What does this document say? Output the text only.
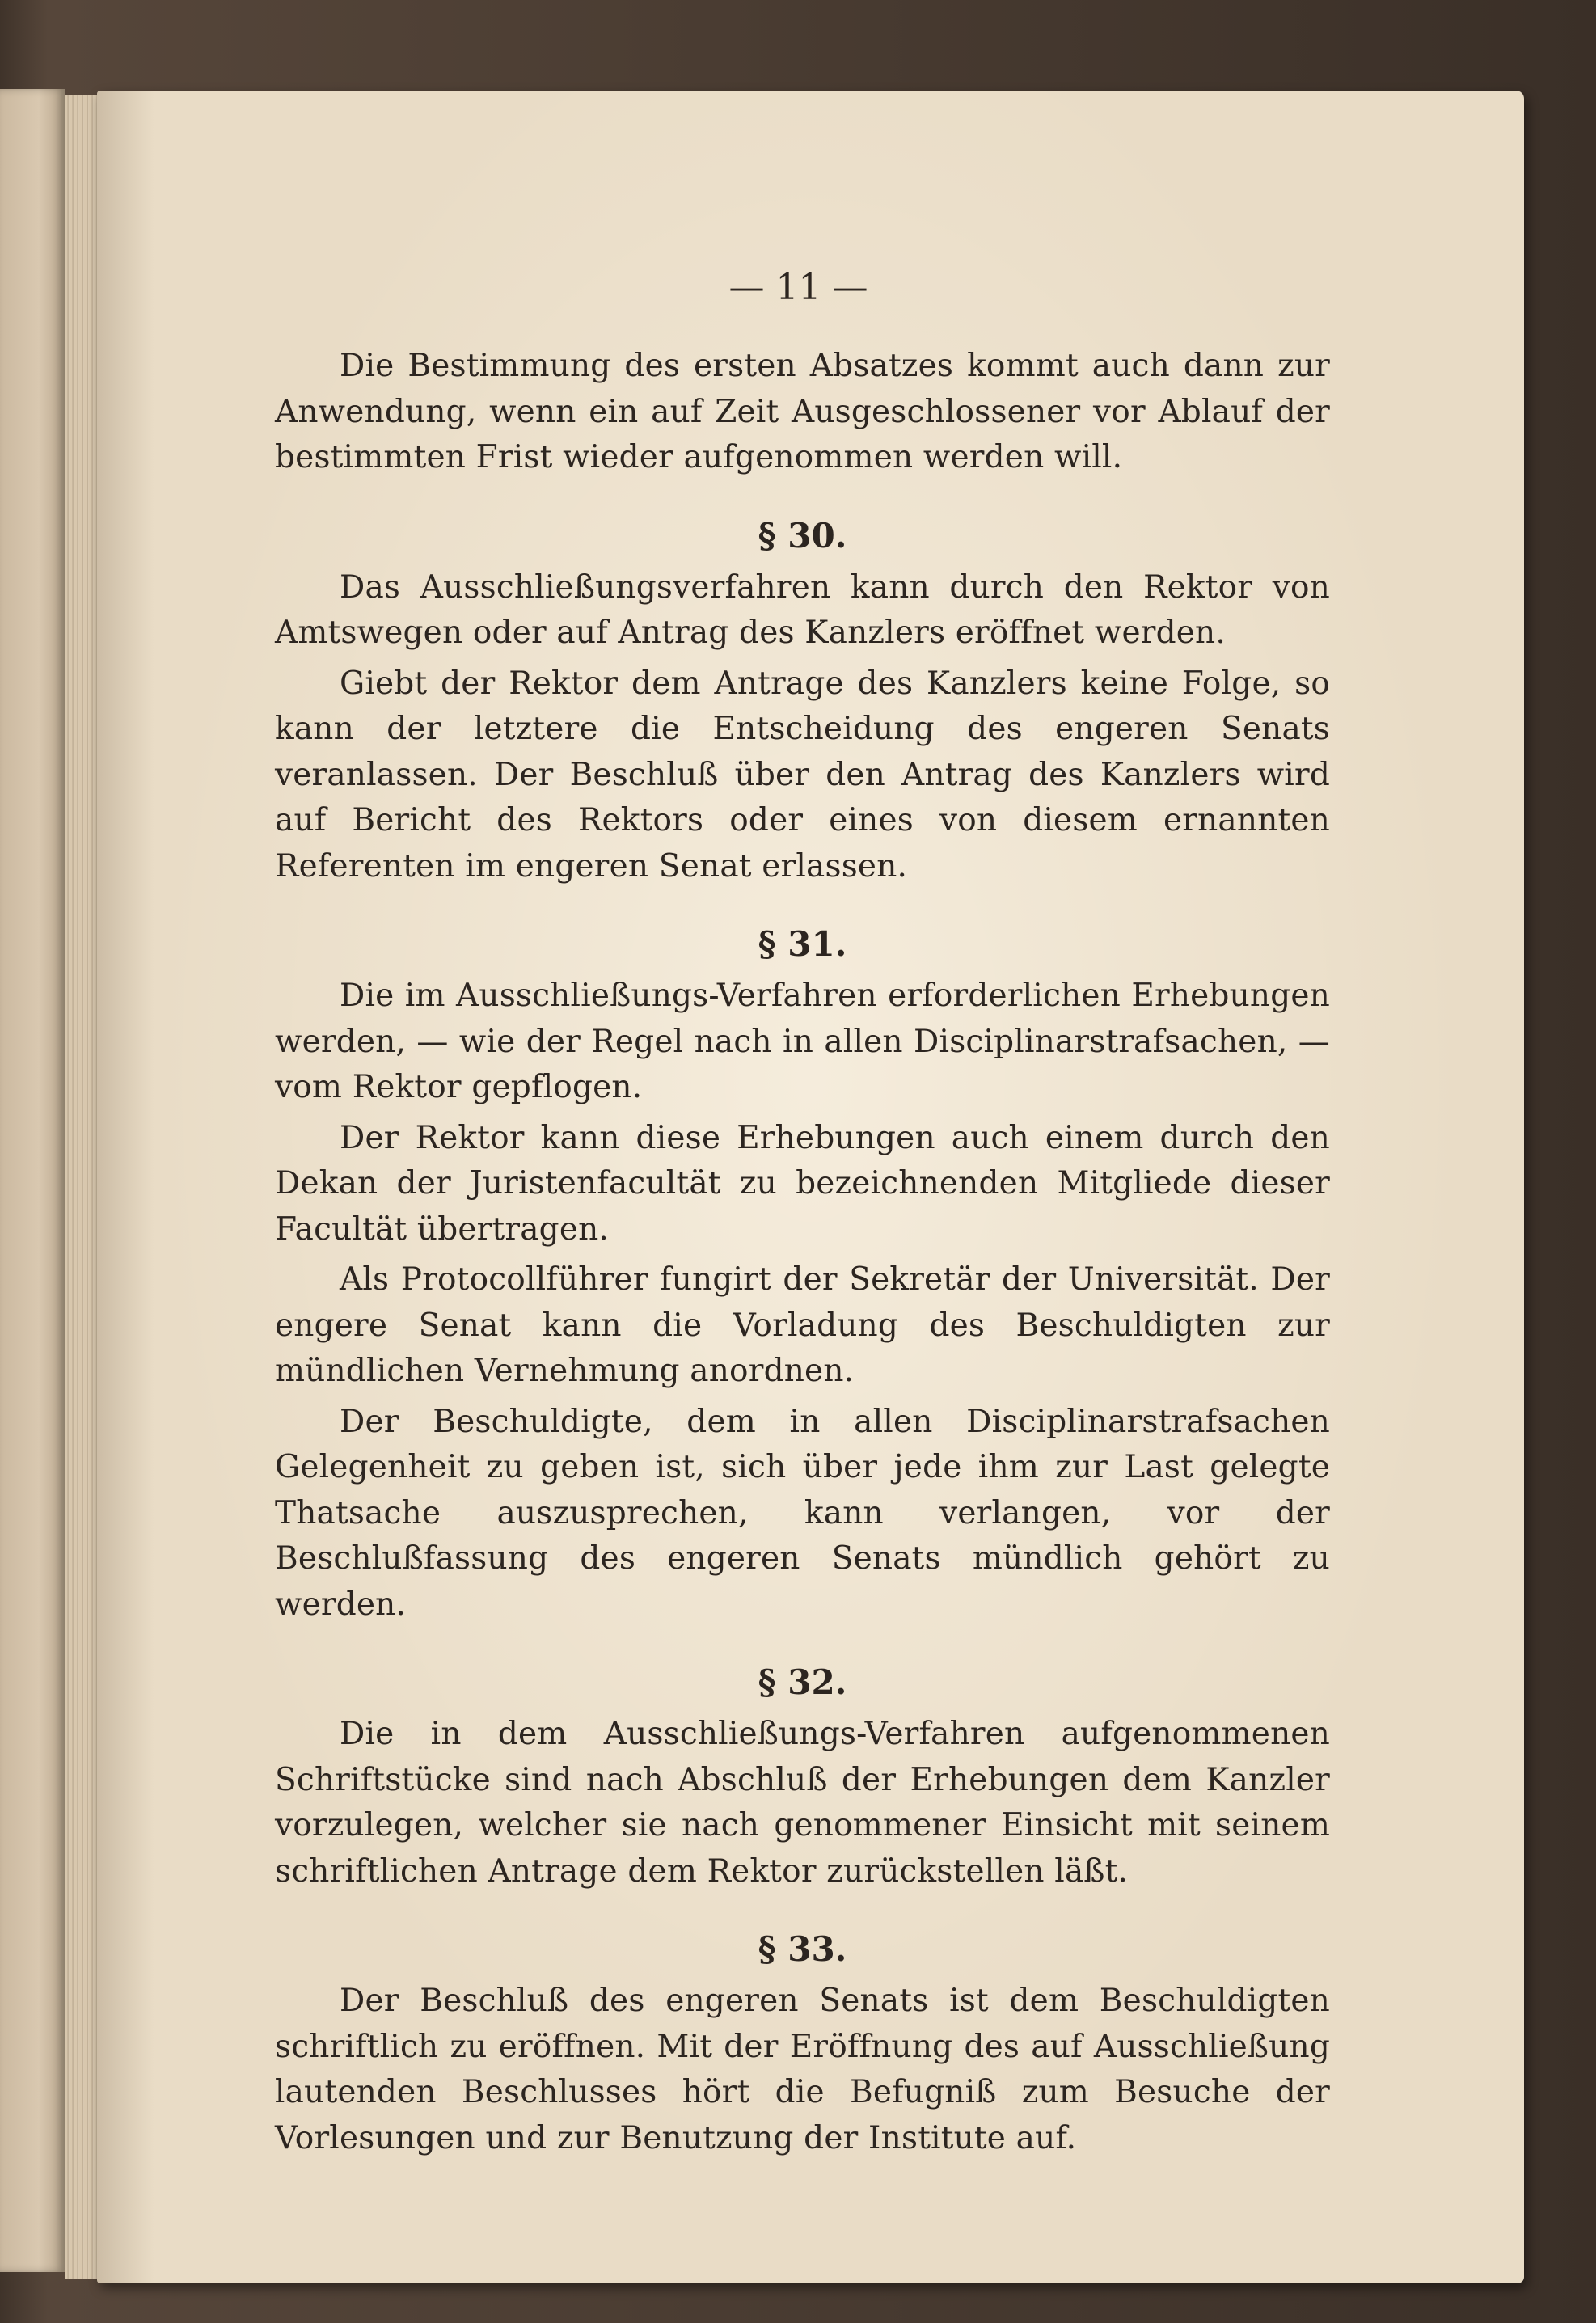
— 11 —

Die Bestimmung des ersten Absatzes kommt auch dann zur Anwendung, wenn ein auf Zeit Ausgeschlossener vor Ablauf der bestimmten Frist wieder aufgenommen werden will.

§ 30.

Das Ausschließungsverfahren kann durch den Rektor von Amtswegen oder auf Antrag des Kanzlers eröffnet werden.

Giebt der Rektor dem Antrage des Kanzlers keine Folge, so kann der letztere die Entscheidung des engeren Senats veranlassen. Der Beschluß über den Antrag des Kanzlers wird auf Bericht des Rektors oder eines von diesem ernannten Referenten im engeren Senat erlassen.

§ 31.

Die im Ausschließungs-Verfahren erforderlichen Erhebungen werden, — wie der Regel nach in allen Disciplinarstrafsachen, — vom Rektor gepflogen.

Der Rektor kann diese Erhebungen auch einem durch den Dekan der Juristenfacultät zu bezeichnenden Mitgliede dieser Facultät übertragen.

Als Protocollführer fungirt der Sekretär der Universität. Der engere Senat kann die Vorladung des Beschuldigten zur mündlichen Vernehmung anordnen.

Der Beschuldigte, dem in allen Disciplinarstrafsachen Gelegenheit zu geben ist, sich über jede ihm zur Last gelegte Thatsache auszusprechen, kann verlangen, vor der Beschlußfassung des engeren Senats mündlich gehört zu werden.

§ 32.

Die in dem Ausschließungs-Verfahren aufgenommenen Schriftstücke sind nach Abschluß der Erhebungen dem Kanzler vorzulegen, welcher sie nach genommener Einsicht mit seinem schriftlichen Antrage dem Rektor zurückstellen läßt.

§ 33.

Der Beschluß des engeren Senats ist dem Beschuldigten schriftlich zu eröffnen. Mit der Eröffnung des auf Ausschließung lautenden Beschlusses hört die Befugniß zum Besuche der Vorlesungen und zur Benutzung der Institute auf.
